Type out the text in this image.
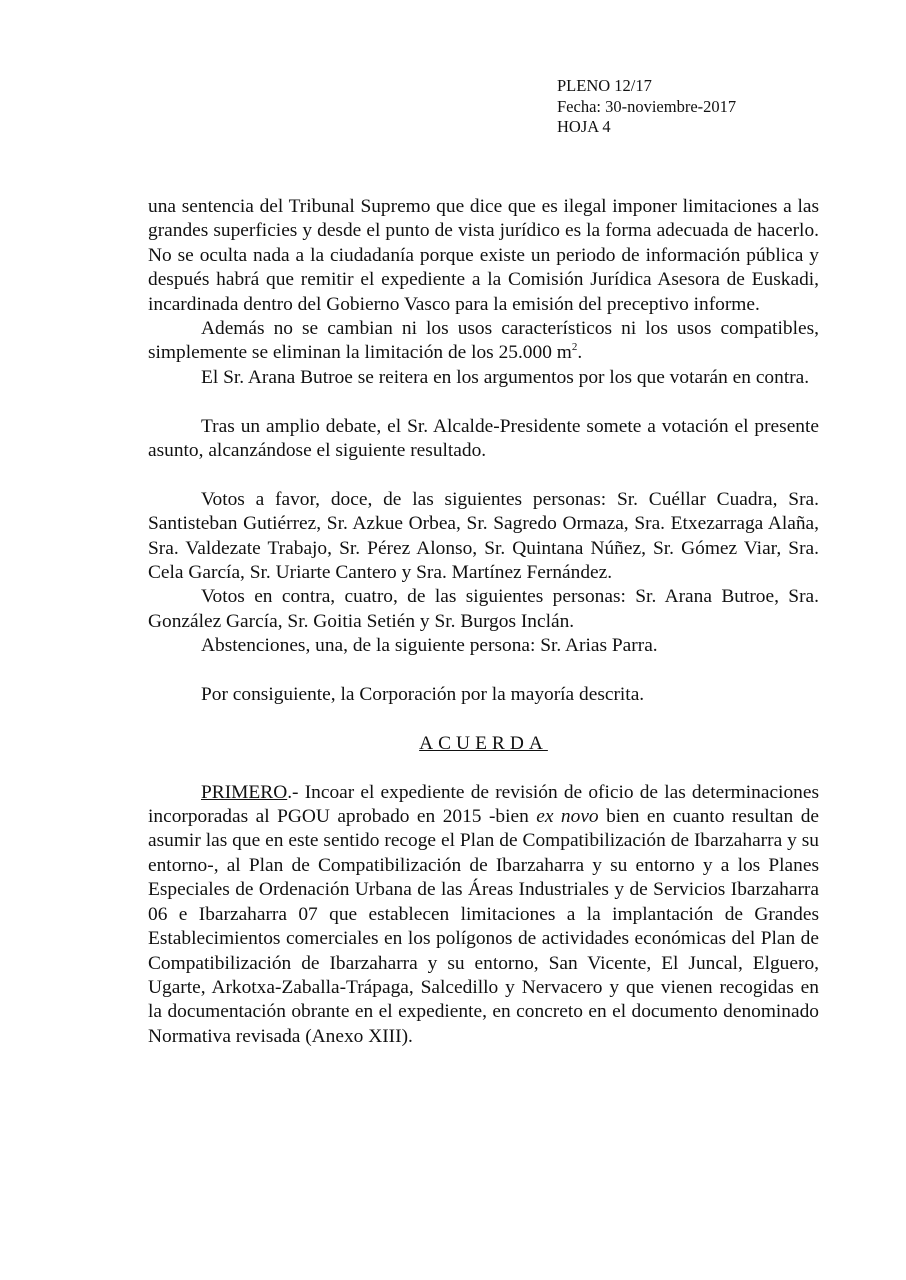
PLENO 12/17
Fecha: 30-noviembre-2017
HOJA 4

una sentencia del Tribunal Supremo que dice que es ilegal imponer limitaciones a las grandes superficies y desde el punto de vista jurídico es la forma adecuada de hacerlo. No se oculta nada a la ciudadanía porque existe un periodo de información pública y después habrá que remitir el expediente a la Comisión Jurídica Asesora de Euskadi, incardinada dentro del Gobierno Vasco para la emisión del preceptivo informe.

Además no se cambian ni los usos característicos ni los usos compatibles, simplemente se eliminan la limitación de los 25.000 $m^2$.

El Sr. Arana Butroe se reitera en los argumentos por los que votarán en contra.

Tras un amplio debate, el Sr. Alcalde-Presidente somete a votación el presente asunto, alcanzándose el siguiente resultado.

Votos a favor, doce, de las siguientes personas: Sr. Cuéllar Cuadra, Sra. Santisteban Gutiérrez, Sr. Azkue Orbea, Sr. Sagredo Ormaza, Sra. Etxezarraga Alaña, Sra. Valdezate Trabajo, Sr. Pérez Alonso, Sr. Quintana Núñez, Sr. Gómez Viar, Sra. Cela García, Sr. Uriarte Cantero y Sra. Martínez Fernández.

Votos en contra, cuatro, de las siguientes personas: Sr. Arana Butroe, Sra. González García, Sr. Goitia Setién y Sr. Burgos Inclán.

Abstenciones, una, de la siguiente persona: Sr. Arias Parra.

Por consiguiente, la Corporación por la mayoría descrita.

ACUERDA

PRIMERO.- Incoar el expediente de revisión de oficio de las determinaciones incorporadas al PGOU aprobado en 2015 -bien ex novo bien en cuanto resultan de asumir las que en este sentido recoge el Plan de Compatibilización de Ibarzaharra y su entorno-, al Plan de Compatibilización de Ibarzaharra y su entorno y a los Planes Especiales de Ordenación Urbana de las Áreas Industriales y de Servicios Ibarzaharra 06 e Ibarzaharra 07 que establecen limitaciones a la implantación de Grandes Establecimientos comerciales en los polígonos de actividades económicas del Plan de Compatibilización de Ibarzaharra y su entorno, San Vicente, El Juncal, Elguero, Ugarte, Arkotxa-Zaballa-Trápaga, Salcedillo y Nervacero y que vienen recogidas en la documentación obrante en el expediente, en concreto en el documento denominado Normativa revisada (Anexo XIII).
